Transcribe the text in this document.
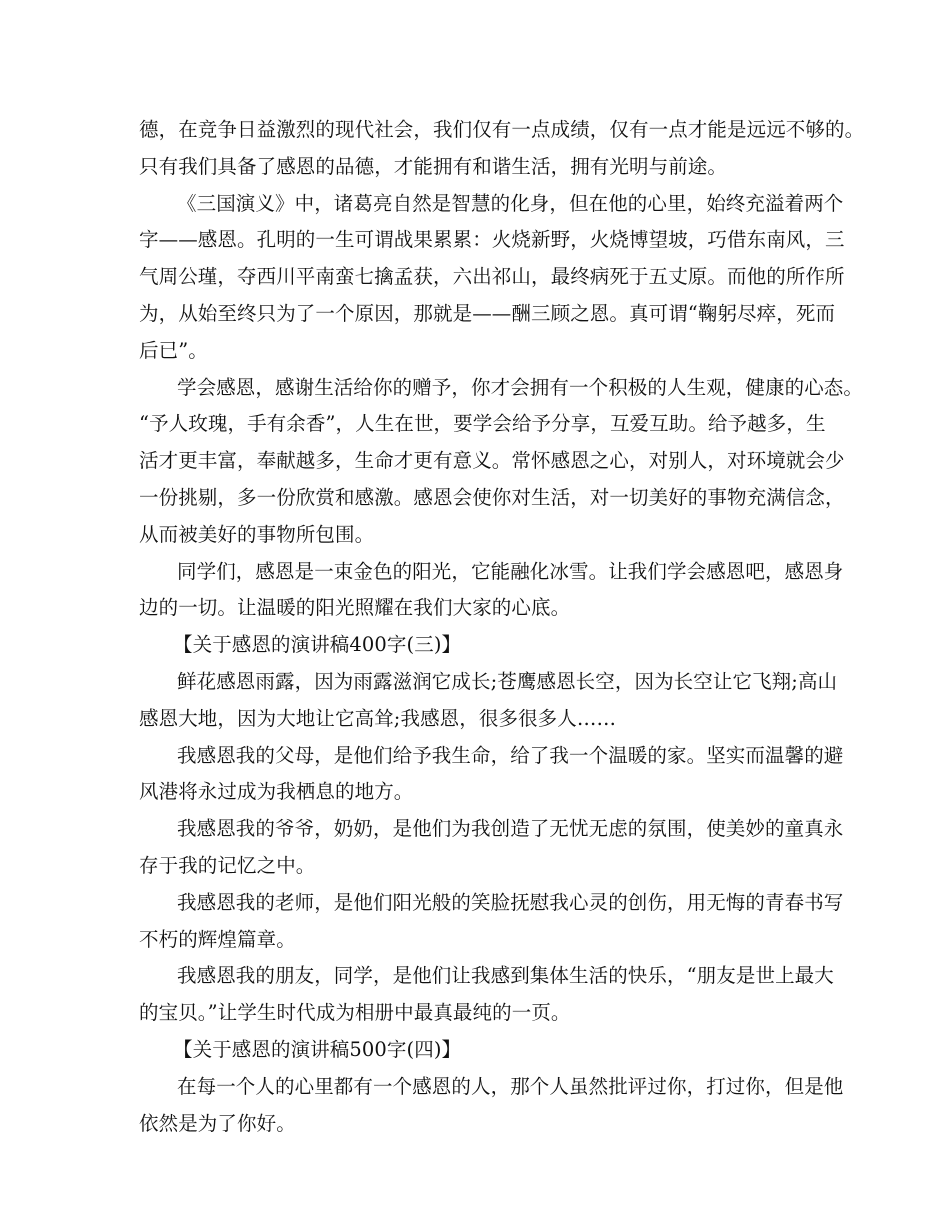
德，在竞争日益激烈的现代社会，我们仅有一点成绩，仅有一点才能是远远不够的。
只有我们具备了感恩的品德，才能拥有和谐生活，拥有光明与前途。
《三国演义》中，诸葛亮自然是智慧的化身，但在他的心里，始终充溢着两个
字——感恩。孔明的一生可谓战果累累：火烧新野，火烧博望坡，巧借东南风，三
气周公瑾，夺西川平南蛮七擒孟获，六出祁山，最终病死于五丈原。而他的所作所
为，从始至终只为了一个原因，那就是——酬三顾之恩。真可谓“鞠躬尽瘁，死而
后已”。
学会感恩，感谢生活给你的赠予，你才会拥有一个积极的人生观，健康的心态。
“予人玫瑰，手有余香”，人生在世，要学会给予分享，互爱互助。给予越多，生
活才更丰富，奉献越多，生命才更有意义。常怀感恩之心，对别人，对环境就会少
一份挑剔，多一份欣赏和感激。感恩会使你对生活，对一切美好的事物充满信念，
从而被美好的事物所包围。
同学们，感恩是一束金色的阳光，它能融化冰雪。让我们学会感恩吧，感恩身
边的一切。让温暖的阳光照耀在我们大家的心底。
【关于感恩的演讲稿400字(三)】
鲜花感恩雨露，因为雨露滋润它成长;苍鹰感恩长空，因为长空让它飞翔;高山
感恩大地，因为大地让它高耸;我感恩，很多很多人……
我感恩我的父母，是他们给予我生命，给了我一个温暖的家。坚实而温馨的避
风港将永过成为我栖息的地方。
我感恩我的爷爷，奶奶，是他们为我创造了无忧无虑的氛围，使美妙的童真永
存于我的记忆之中。
我感恩我的老师，是他们阳光般的笑脸抚慰我心灵的创伤，用无悔的青春书写
不朽的辉煌篇章。
我感恩我的朋友，同学，是他们让我感到集体生活的快乐，“朋友是世上最大
的宝贝。”让学生时代成为相册中最真最纯的一页。
【关于感恩的演讲稿500字(四)】
在每一个人的心里都有一个感恩的人，那个人虽然批评过你，打过你，但是他
依然是为了你好。
